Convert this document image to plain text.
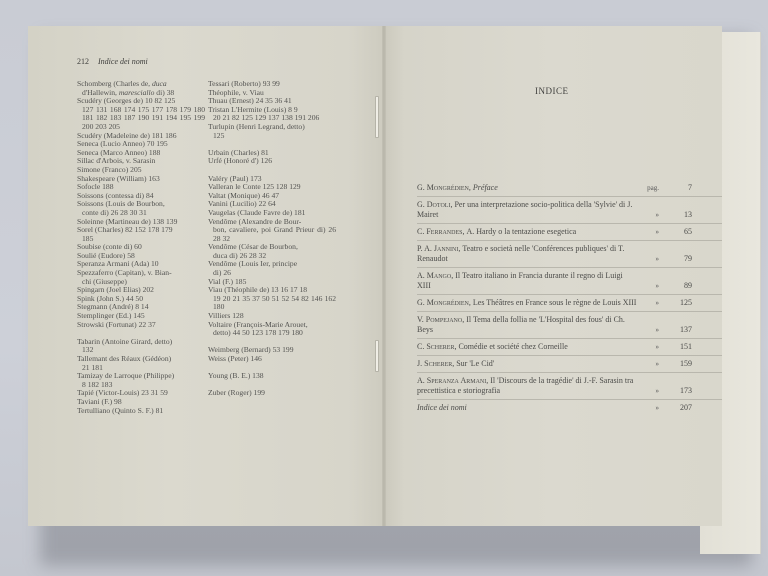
212 Indice dei nomi
Schomberg (Charles de, duca
d'Hallewin, maresciallo di) 38
Scudéry (Georges de) 10 82 125
127 131 168 174 175 177 178 179 180 181 182 183 187 190 191 194 195 199 200 203 205
Scudéry (Madeleine de) 181 186
Seneca (Lucio Anneo) 70 195
Seneca (Marco Anneo) 188
Sillac d'Arbois, v. Sarasin
Simone (Franco) 205
Shakespeare (William) 163
Sofocle 188
Soissons (contessa di) 84
Soissons (Louis de Bourbon,
conte di) 26 28 30 31
Soleinne (Martineau de) 138 139
Sorel (Charles) 82 152 178 179
185
Soubise (conte di) 60
Soulié (Eudore) 58
Speranza Armani (Ada) 10
Spezzaferro (Capitan), v. Bian-
chi (Giuseppe)
Spingarn (Joel Elias) 202
Spink (John S.) 44 50
Stegmann (André) 8 14
Stemplinger (Ed.) 145
Strowski (Fortunat) 22 37
Tabarin (Antoine Girard, detto)
132
Tallemant des Réaux (Gédéon)
21 181
Tamizay de Larroque (Philippe)
8 182 183
Tapié (Victor-Louis) 23 31 59
Taviani (F.) 98
Tertulliano (Quinto S. F.) 81
Tessari (Roberto) 93 99
Théophile, v. Viau
Thuau (Ernest) 24 35 36 41
Tristan L'Hermite (Louis) 8 9
20 21 82 125 129 137 138 191 206
Turlupin (Henri Legrand, detto)
125
Urbain (Charles) 81
Urfé (Honoré d') 126
Valéry (Paul) 173
Valleran le Conte 125 128 129
Valtat (Monique) 46 47
Vanini (Lucilio) 22 64
Vaugelas (Claude Favre de) 181
Vendôme (Alexandre de Bour-
bon, cavaliere, poi Grand Prieur di) 26 28 32
Vendôme (César de Bourbon,
duca di) 26 28 32
Vendôme (Louis Ier, principe
di) 26
Vial (F.) 185
Viau (Théophile de) 13 16 17 18
19 20 21 35 37 50 51 52 54 82 146 162 180
Villiers 128
Voltaire (François-Marie Arouet,
detto) 44 50 123 178 179 180
Weimberg (Bernard) 53 199
Weiss (Peter) 146
Young (B. E.) 138
Zuber (Roger) 199
INDICE
G. Mongrédien, Préface	pag.	7
G. Dotoli, Per una interpretazione socio-politica della 'Sylvie' di J. Mairet	»	13
C. Ferrandes, A. Hardy o la tentazione esegetica	»	65
P. A. Jannini, Teatro e società nelle 'Conférences publiques' di T. Renaudot	»	79
A. Mango, Il Teatro italiano in Francia durante il regno di Luigi XIII	»	89
G. Mongrédien, Les Théâtres en France sous le règne de Louis XIII	»	125
V. Pompejano, Il Tema della follia ne 'L'Hospital des fous' di Ch. Beys	»	137
C. Scherer, Comédie et société chez Corneille	»	151
J. Scherer, Sur 'Le Cid'	»	159
A. Speranza Armani, Il 'Discours de la tragédie' di J.-F. Sarasin tra precettistica e storiografia	»	173
Indice dei nomi	»	207
